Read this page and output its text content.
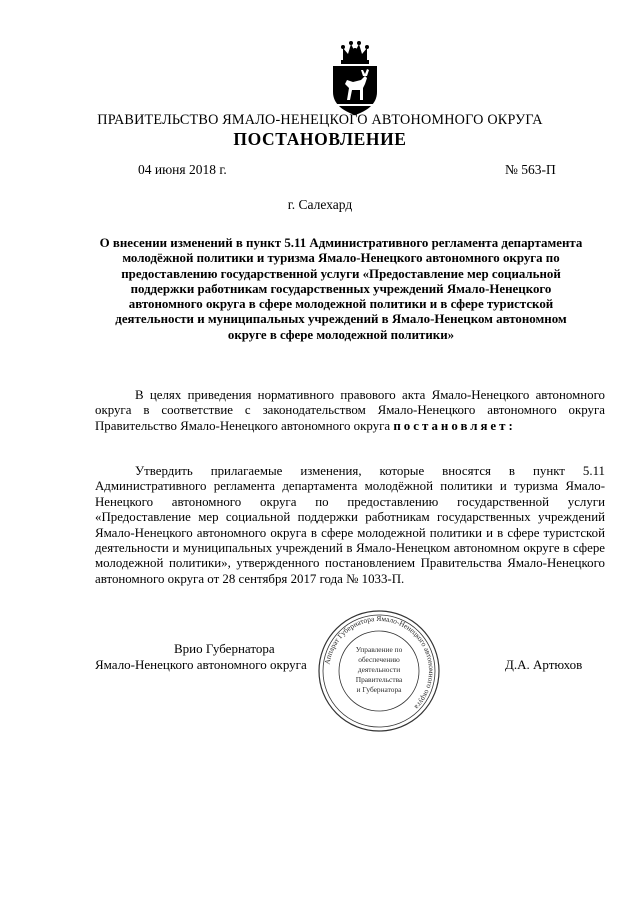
ПРАВИТЕЛЬСТВО ЯМАЛО-НЕНЕЦКОГО АВТОНОМНОГО ОКРУГА
ПОСТАНОВЛЕНИЕ
04 июня 2018 г.	№ 563-П
г. Салехард
О внесении изменений в пункт 5.11 Административного регламента департамента молодёжной политики и туризма Ямало-Ненецкого автономного округа по предоставлению государственной услуги «Предоставление мер социальной поддержки работникам государственных учреждений Ямало-Ненецкого автономного округа в сфере молодежной политики и в сфере туристской деятельности и муниципальных учреждений в Ямало-Ненецком автономном округе в сфере молодежной политики»
В целях приведения нормативного правового акта Ямало-Ненецкого автономного округа в соответствие с законодательством Ямало-Ненецкого автономного округа Правительство Ямало-Ненецкого автономного округа постановляет:
Утвердить прилагаемые изменения, которые вносятся в пункт 5.11 Административного регламента департамента молодёжной политики и туризма Ямало-Ненецкого автономного округа по предоставлению государственной услуги «Предоставление мер социальной поддержки работникам государственных учреждений Ямало-Ненецкого автономного округа в сфере молодежной политики и в сфере туристской деятельности и муниципальных учреждений в Ямало-Ненецком автономном округе в сфере молодежной политики», утвержденного постановлением Правительства Ямало-Ненецкого автономного округа от 28 сентября 2017 года № 1033-П.
Врио Губернатора
Ямало-Ненецкого автономного округа	Д.А. Артюхов
Аппарат Губернатора Ямало-Ненецкого автономного округа
Управление по
обеспечению
деятельности
Правительства
и Губернатора
